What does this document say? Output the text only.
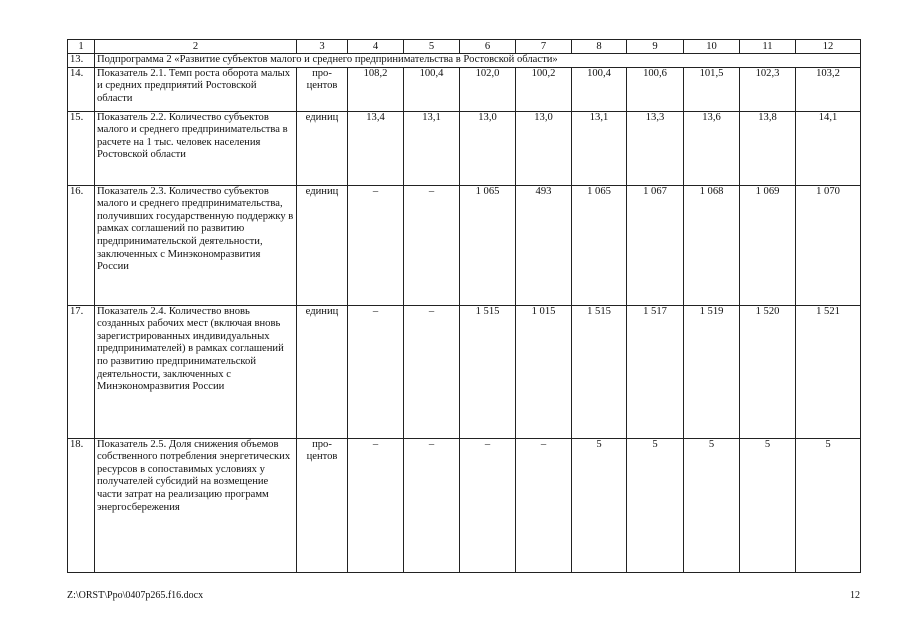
1	2	3	4	5	6	7	8	9	10	11	12
13.	Подпрограмма 2 «Развитие субъектов малого и среднего предпринимательства в Ростовской области»										
14.	Показатель 2.1. Темп роста оборота малых и средних предприятий Ростовской области	про-центов	108,2	100,4	102,0	100,2	100,4	100,6	101,5	102,3	103,2
15.	Показатель 2.2. Количество субъектов малого и среднего предпринимательства в расчете на 1 тыс. человек населения Ростовской области	единиц	13,4	13,1	13,0	13,0	13,1	13,3	13,6	13,8	14,1
16.	Показатель 2.3. Количество субъектов малого и среднего предпринимательства, получивших государственную поддержку в рамках соглашений по развитию предпринимательской деятельности, заключенных с Минэкономразвития России	единиц	–	–	1 065	493	1 065	1 067	1 068	1 069	1 070
17.	Показатель 2.4. Количество вновь созданных рабочих мест (включая вновь зарегистрированных индивидуальных предпринимателей) в рамках соглашений по развитию предпринимательской деятельности, заключенных с Минэкономразвития России	единиц	–	–	1 515	1 015	1 515	1 517	1 519	1 520	1 521
18.	Показатель 2.5. Доля снижения объемов собственного потребления энергетических ресурсов в сопоставимых условиях у получателей субсидий на возмещение части затрат на реализацию программ энергосбережения	про-центов	–	–	–	–	5	5	5	5	5
Z:\ORST\Ppo\0407p265.f16.docx	12
